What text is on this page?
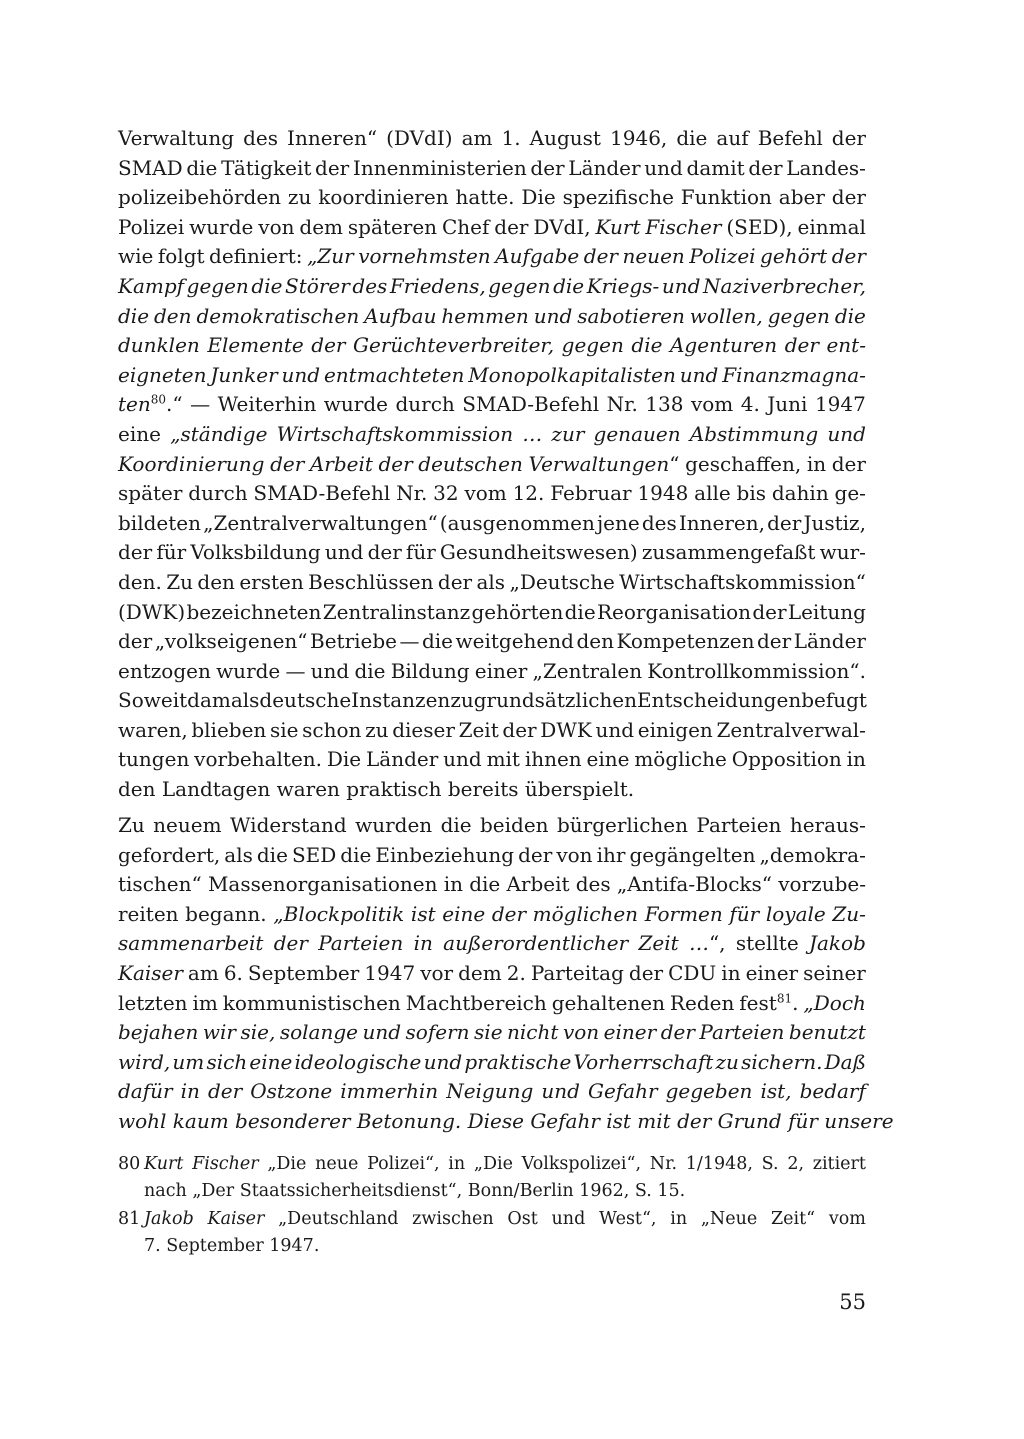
Verwaltung des Inneren“ (DVdI) am 1. August 1946, die auf Befehl der
SMAD die Tätigkeit der Innenministerien der Länder und damit der Landes-
polizeibehörden zu koordinieren hatte. Die spezifische Funktion aber der
Polizei wurde von dem späteren Chef der DVdI, Kurt Fischer (SED), einmal
wie folgt definiert: „Zur vornehmsten Aufgabe der neuen Polizei gehört der
Kampf gegen die Störer des Friedens, gegen die Kriegs- und Naziverbrecher,
die den demokratischen Aufbau hemmen und sabotieren wollen, gegen die
dunklen Elemente der Gerüchteverbreiter, gegen die Agenturen der ent-
eigneten Junker und entmachteten Monopolkapitalisten und Finanzmagna-
ten$^{80}$.“ — Weiterhin wurde durch SMAD-Befehl Nr. 138 vom 4. Juni 1947
eine „ständige Wirtschaftskommission … zur genauen Abstimmung und
Koordinierung der Arbeit der deutschen Verwaltungen“ geschaffen, in der
später durch SMAD-Befehl Nr. 32 vom 12. Februar 1948 alle bis dahin ge-
bildeten „Zentralverwaltungen“ (ausgenommen jene des Inneren, der Justiz,
der für Volksbildung und der für Gesundheitswesen) zusammengefaßt wur-
den. Zu den ersten Beschlüssen der als „Deutsche Wirtschaftskommission“
(DWK) bezeichneten Zentralinstanz gehörten die Reorganisation der Leitung
der „volkseigenen“ Betriebe — die weitgehend den Kompetenzen der Länder
entzogen wurde — und die Bildung einer „Zentralen Kontrollkommission“.
Soweit damals deutsche Instanzen zu grundsätzlichen Entscheidungen befugt
waren, blieben sie schon zu dieser Zeit der DWK und einigen Zentralverwal-
tungen vorbehalten. Die Länder und mit ihnen eine mögliche Opposition in
den Landtagen waren praktisch bereits überspielt.
Zu neuem Widerstand wurden die beiden bürgerlichen Parteien heraus-
gefordert, als die SED die Einbeziehung der von ihr gegängelten „demokra-
tischen“ Massenorganisationen in die Arbeit des „Antifa-Blocks“ vorzube-
reiten begann. „Blockpolitik ist eine der möglichen Formen für loyale Zu-
sammenarbeit der Parteien in außerordentlicher Zeit …“, stellte Jakob
Kaiser am 6. September 1947 vor dem 2. Parteitag der CDU in einer seiner
letzten im kommunistischen Machtbereich gehaltenen Reden fest$^{81}$. „Doch
bejahen wir sie, solange und sofern sie nicht von einer der Parteien benutzt
wird, um sich eine ideologische und praktische Vorherrschaft zu sichern. Daß
dafür in der Ostzone immerhin Neigung und Gefahr gegeben ist, bedarf
wohl kaum besonderer Betonung. Diese Gefahr ist mit der Grund für unsere
80 Kurt Fischer „Die neue Polizei“, in „Die Volkspolizei“, Nr. 1/1948, S. 2, zitiert
nach „Der Staatssicherheitsdienst“, Bonn/Berlin 1962, S. 15.
81 Jakob Kaiser „Deutschland zwischen Ost und West“, in „Neue Zeit“ vom
7. September 1947.
55
